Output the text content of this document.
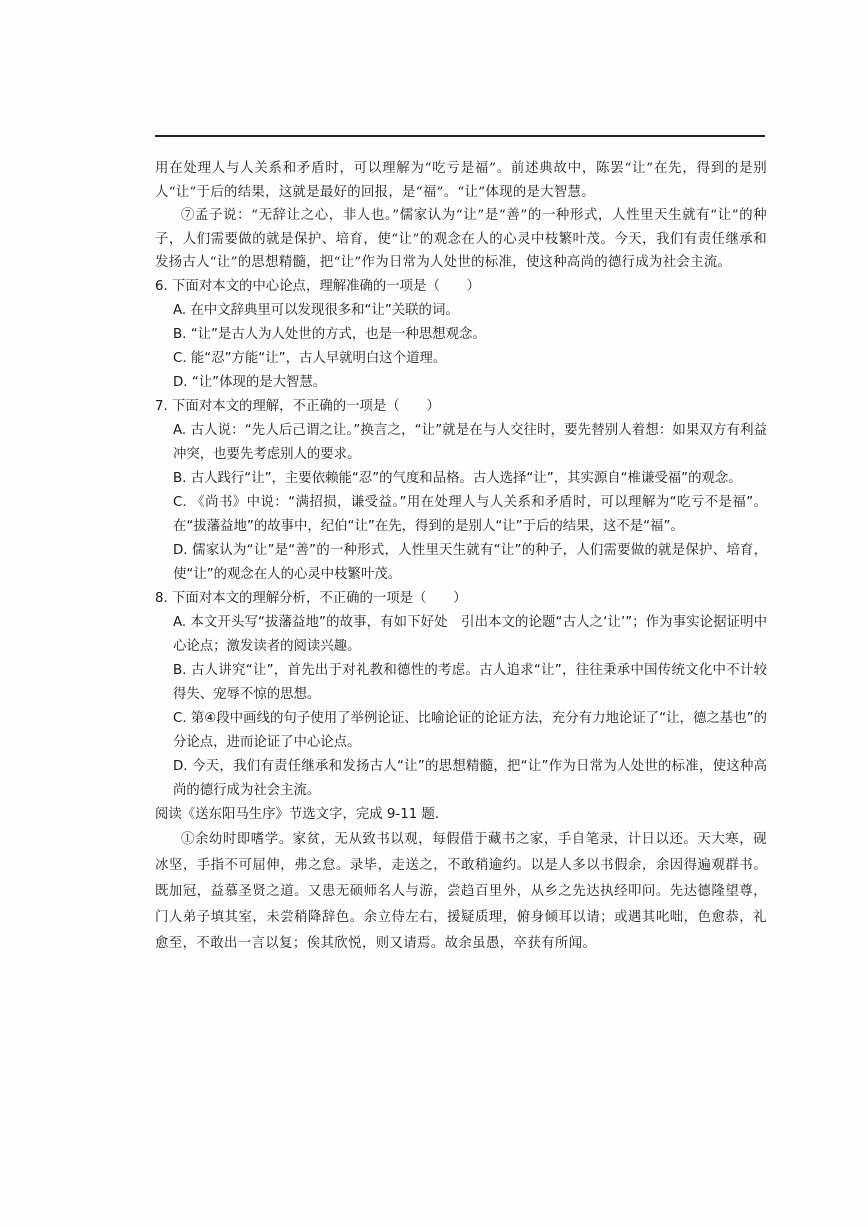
用在处理人与人关系和矛盾时，可以理解为“吃亏是福”。前述典故中，陈罢“让”在先，得到的是别人“让”于后的结果，这就是最好的回报，是“福”。“让”体现的是大智慧。

⑦孟子说：“无辞让之心，非人也。”儒家认为“让”是“善”的一种形式，人性里天生就有“让”的种子，人们需要做的就是保护、培育，使“让”的观念在人的心灵中枝繁叶茂。今天，我们有责任继承和发扬古人“让”的思想精髓，把“让”作为日常为人处世的标准，使这种高尚的德行成为社会主流。

6. 下面对本文的中心论点，理解准确的一项是（　　）

A. 在中文辞典里可以发现很多和“让”关联的词。

B. “让”是古人为人处世的方式，也是一种思想观念。

C. 能“忍”方能“让”，古人早就明白这个道理。

D. “让”体现的是大智慧。

7. 下面对本文的理解，不正确的一项是（　　）

A. 古人说：“先人后己谓之让。”换言之，“让”就是在与人交往时，要先替别人着想：如果双方有利益冲突，也要先考虑别人的要求。

B. 古人践行“让”，主要依赖能“忍”的气度和品格。古人选择“让”，其实源自“椎谦受福”的观念。

C. 《尚书》中说：“满招损，谦受益。”用在处理人与人关系和矛盾时，可以理解为“吃亏不是福”。在“拔藩益地”的故事中，纪伯“让”在先，得到的是别人“让”于后的结果，这不是“福”。

D. 儒家认为“让”是“善”的一种形式，人性里天生就有“让”的种子，人们需要做的就是保护、培育，使“让”的观念在人的心灵中枝繁叶茂。

8. 下面对本文的理解分析，不正确的一项是（　　）

A. 本文开头写“拔藩益地”的故事，有如下好处　引出本文的论题“古人之‘让’”；作为事实论据证明中心论点；激发读者的阅读兴趣。

B. 古人讲究“让”，首先出于对礼教和德性的考虑。古人追求“让”，往往秉承中国传统文化中不计较得失、宠辱不惊的思想。

C. 第④段中画线的句子使用了举例论证、比喻论证的论证方法，充分有力地论证了“让，德之基也”的分论点，进而论证了中心论点。

D. 今天，我们有责任继承和发扬古人“让”的思想精髓，把“让”作为日常为人处世的标准，使这种高尚的德行成为社会主流。

阅读《送东阳马生序》节选文字，完成 9-11 题．

①余幼时即嗜学。家贫，无从致书以观，每假借于藏书之家，手自笔录，计日以还。天大寒，砚冰坚，手指不可屈伸，弗之怠。录毕，走送之，不敢稍逾约。以是人多以书假余，余因得遍观群书。既加冠，益慕圣贤之道。又患无硕师名人与游，尝趋百里外，从乡之先达执经叩问。先达德隆望尊，门人弟子填其室，未尝稍降辞色。余立侍左右，援疑质理，俯身倾耳以请；或遇其叱咄，色愈恭，礼愈至，不敢出一言以复；俟其欣悦，则又请焉。故余虽愚，卒获有所闻。
